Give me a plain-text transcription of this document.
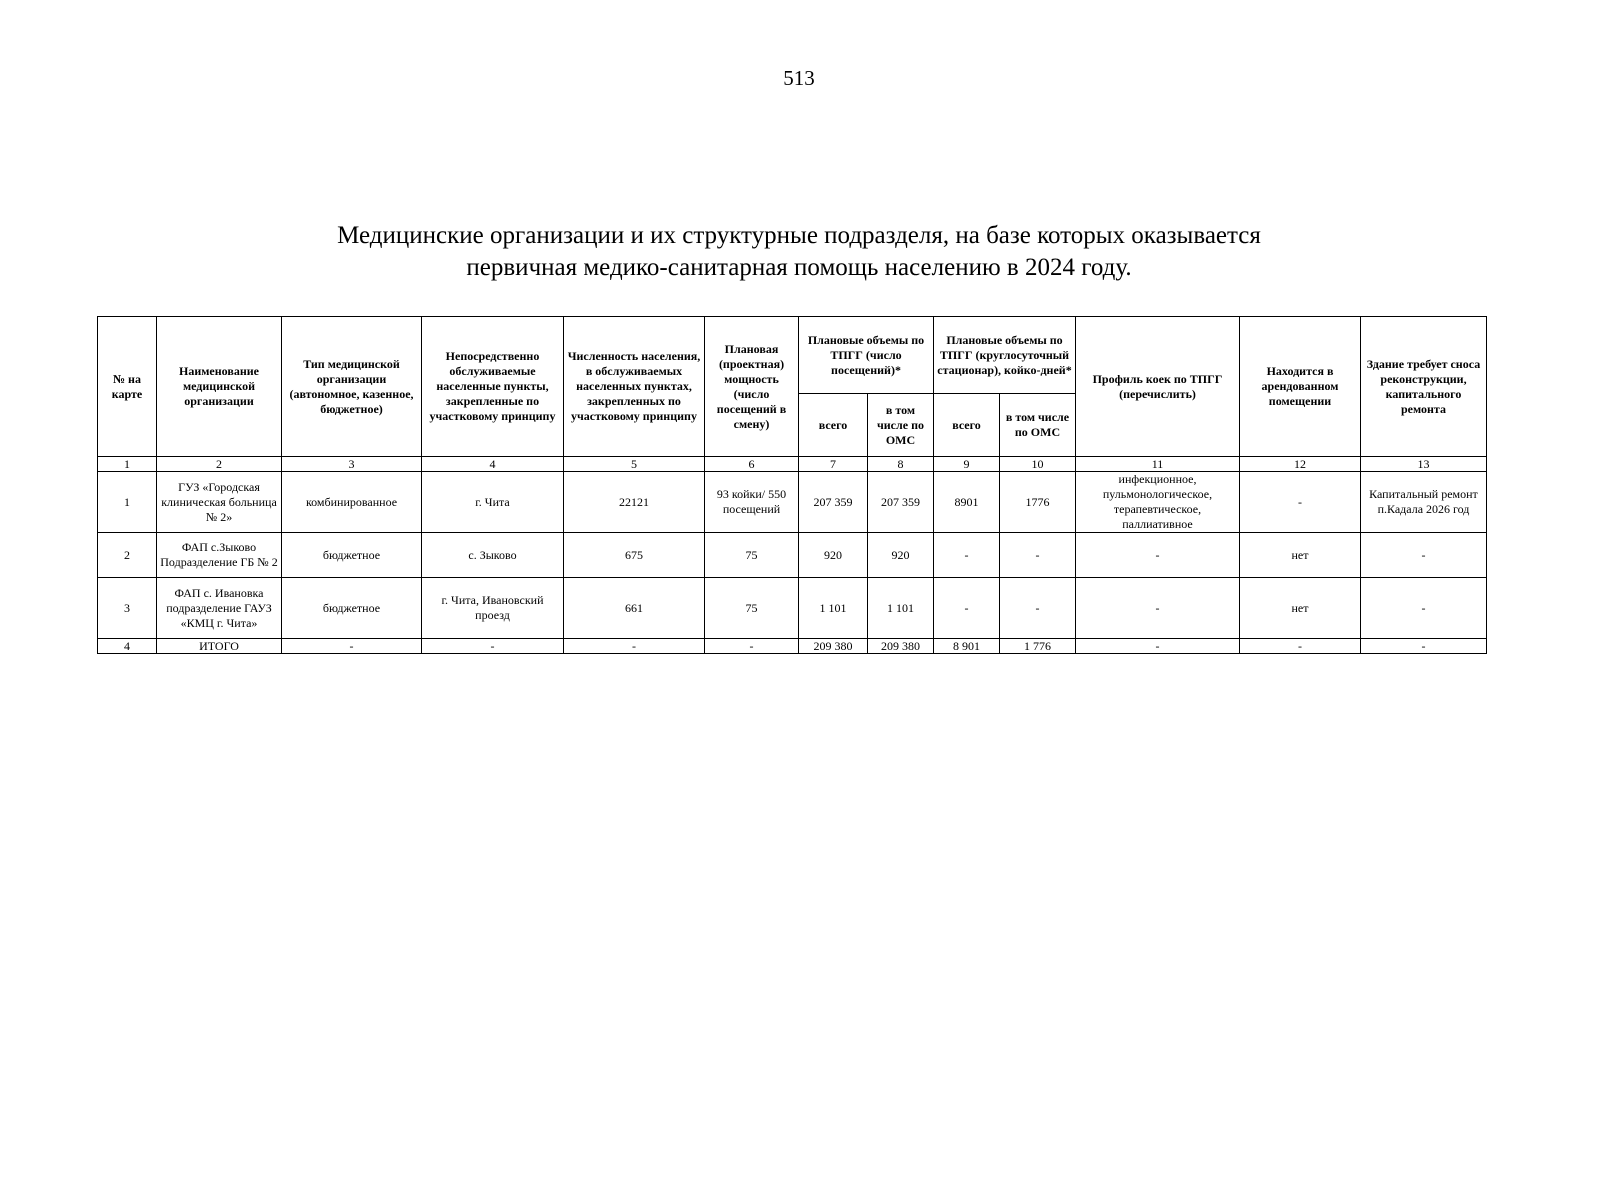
513
Медицинские организации и их структурные подразделя, на базе которых оказывается
первичная медико-санитарная помощь населению в 2024 году.
№ на карте	Наименование медицинской организации	Тип медицинской организации (автономное, казенное, бюджетное)	Непосредственно обслуживаемые населенные пункты, закрепленные по участковому принципу	Численность населения, в обслуживаемых населенных пунктах, закрепленных по участковому принципу	Плановая (проектная) мощность (число посещений в смену)	Плановые объемы по ТПГГ (число посещений)*		Плановые объемы по ТПГГ (круглосуточный стационар), койко-дней*		Профиль коек по ТПГГ (перечислить)	Находится в арендованном помещении	Здание требует сноса реконструкции, капитального ремонта
						всего	в том числе по ОМС	всего	в том числе по ОМС			
1	2	3	4	5	6	7	8	9	10	11	12	13
1	ГУЗ «Городская клиническая больница № 2»	комбинированное	г. Чита	22121	93 койки/ 550 посещений	207 359	207 359	8901	1776	инфекционное, пульмонологическое, терапевтическое, паллиативное	-	Капитальный ремонт п.Кадала 2026 год
2	ФАП с.Зыково Подразделение ГБ № 2	бюджетное	с. Зыково	675	75	920	920	-	-	-	нет	-
3	ФАП с. Ивановка подразделение ГАУЗ «КМЦ г. Чита»	бюджетное	г. Чита, Ивановский проезд	661	75	1 101	1 101	-	-	-	нет	-
4	ИТОГО	-	-	-	-	209 380	209 380	8 901	1 776	-	-	-
